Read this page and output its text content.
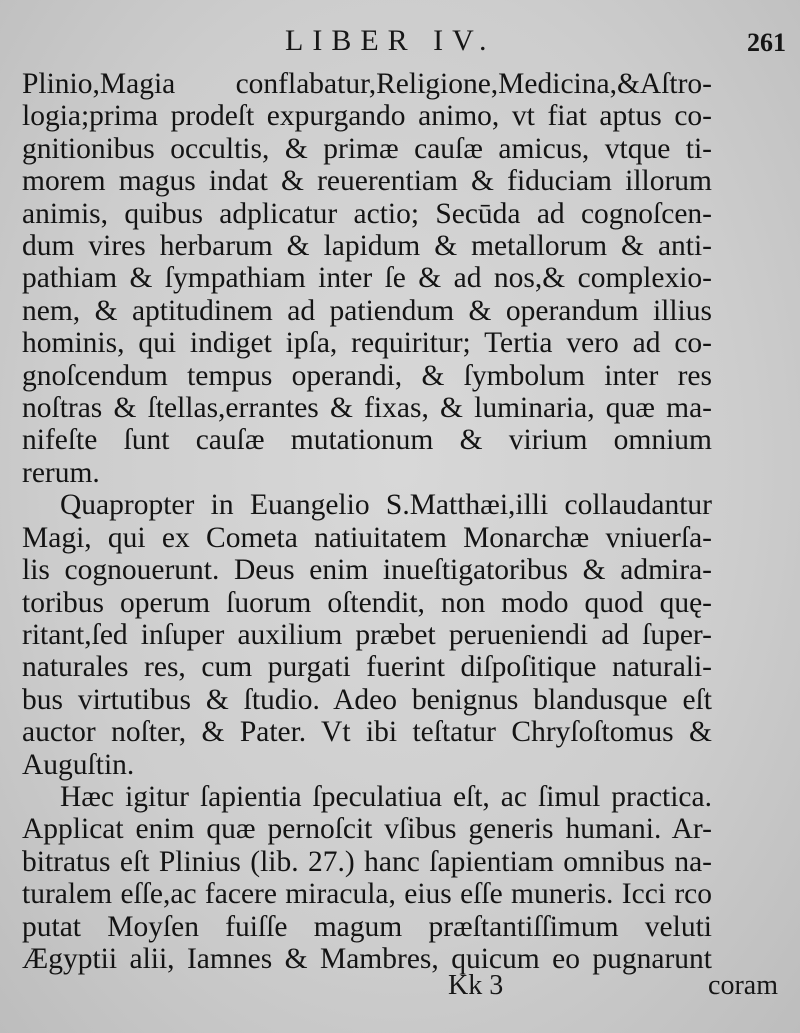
LIBER IV.	261
Plinio,Magia conflabatur,Religione,Medicina,&Aſtro-
logia;prima prodeſt expurgando animo, vt fiat aptus co-
gnitionibus occultis, & primæ cauſæ amicus, vtque ti-
morem magus indat & reuerentiam & fiduciam illorum
animis, quibus adplicatur actio; Secūda ad cognoſcen-
dum vires herbarum & lapidum & metallorum & anti-
pathiam & ſympathiam inter ſe & ad nos,& complexio-
nem, & aptitudinem ad patiendum & operandum illius
hominis, qui indiget ipſa, requiritur; Tertia vero ad co-
gnoſcendum tempus operandi, & ſymbolum inter res
noſtras & ſtellas,errantes & fixas, & luminaria, quæ ma-
nifeſte ſunt cauſæ mutationum & virium omnium
rerum.
Quapropter in Euangelio S.Matthæi,illi collaudantur
Magi, qui ex Cometa natiuitatem Monarchæ vniuerſa-
lis cognouerunt. Deus enim inueſtigatoribus & admira-
toribus operum ſuorum oſtendit, non modo quod quę-
ritant,ſed inſuper auxilium præbet perueniendi ad ſuper-
naturales res, cum purgati fuerint diſpoſitique naturali-
bus virtutibus & ſtudio. Adeo benignus blandusque eſt
auctor noſter, & Pater. Vt ibi teſtatur Chryſoſtomus &
Auguſtin.
Hæc igitur ſapientia ſpeculatiua eſt, ac ſimul practica.
Applicat enim quæ pernoſcit vſibus generis humani. Ar-
bitratus eſt Plinius (lib. 27.) hanc ſapientiam omnibus na-
turalem eſſe,ac facere miracula, eius eſſe muneris. Icci rco
putat Moyſen fuiſſe magum præſtantiſſimum veluti
Ægyptii alii, Iamnes & Mambres, quicum eo pugnarunt
Kk 3	coram
